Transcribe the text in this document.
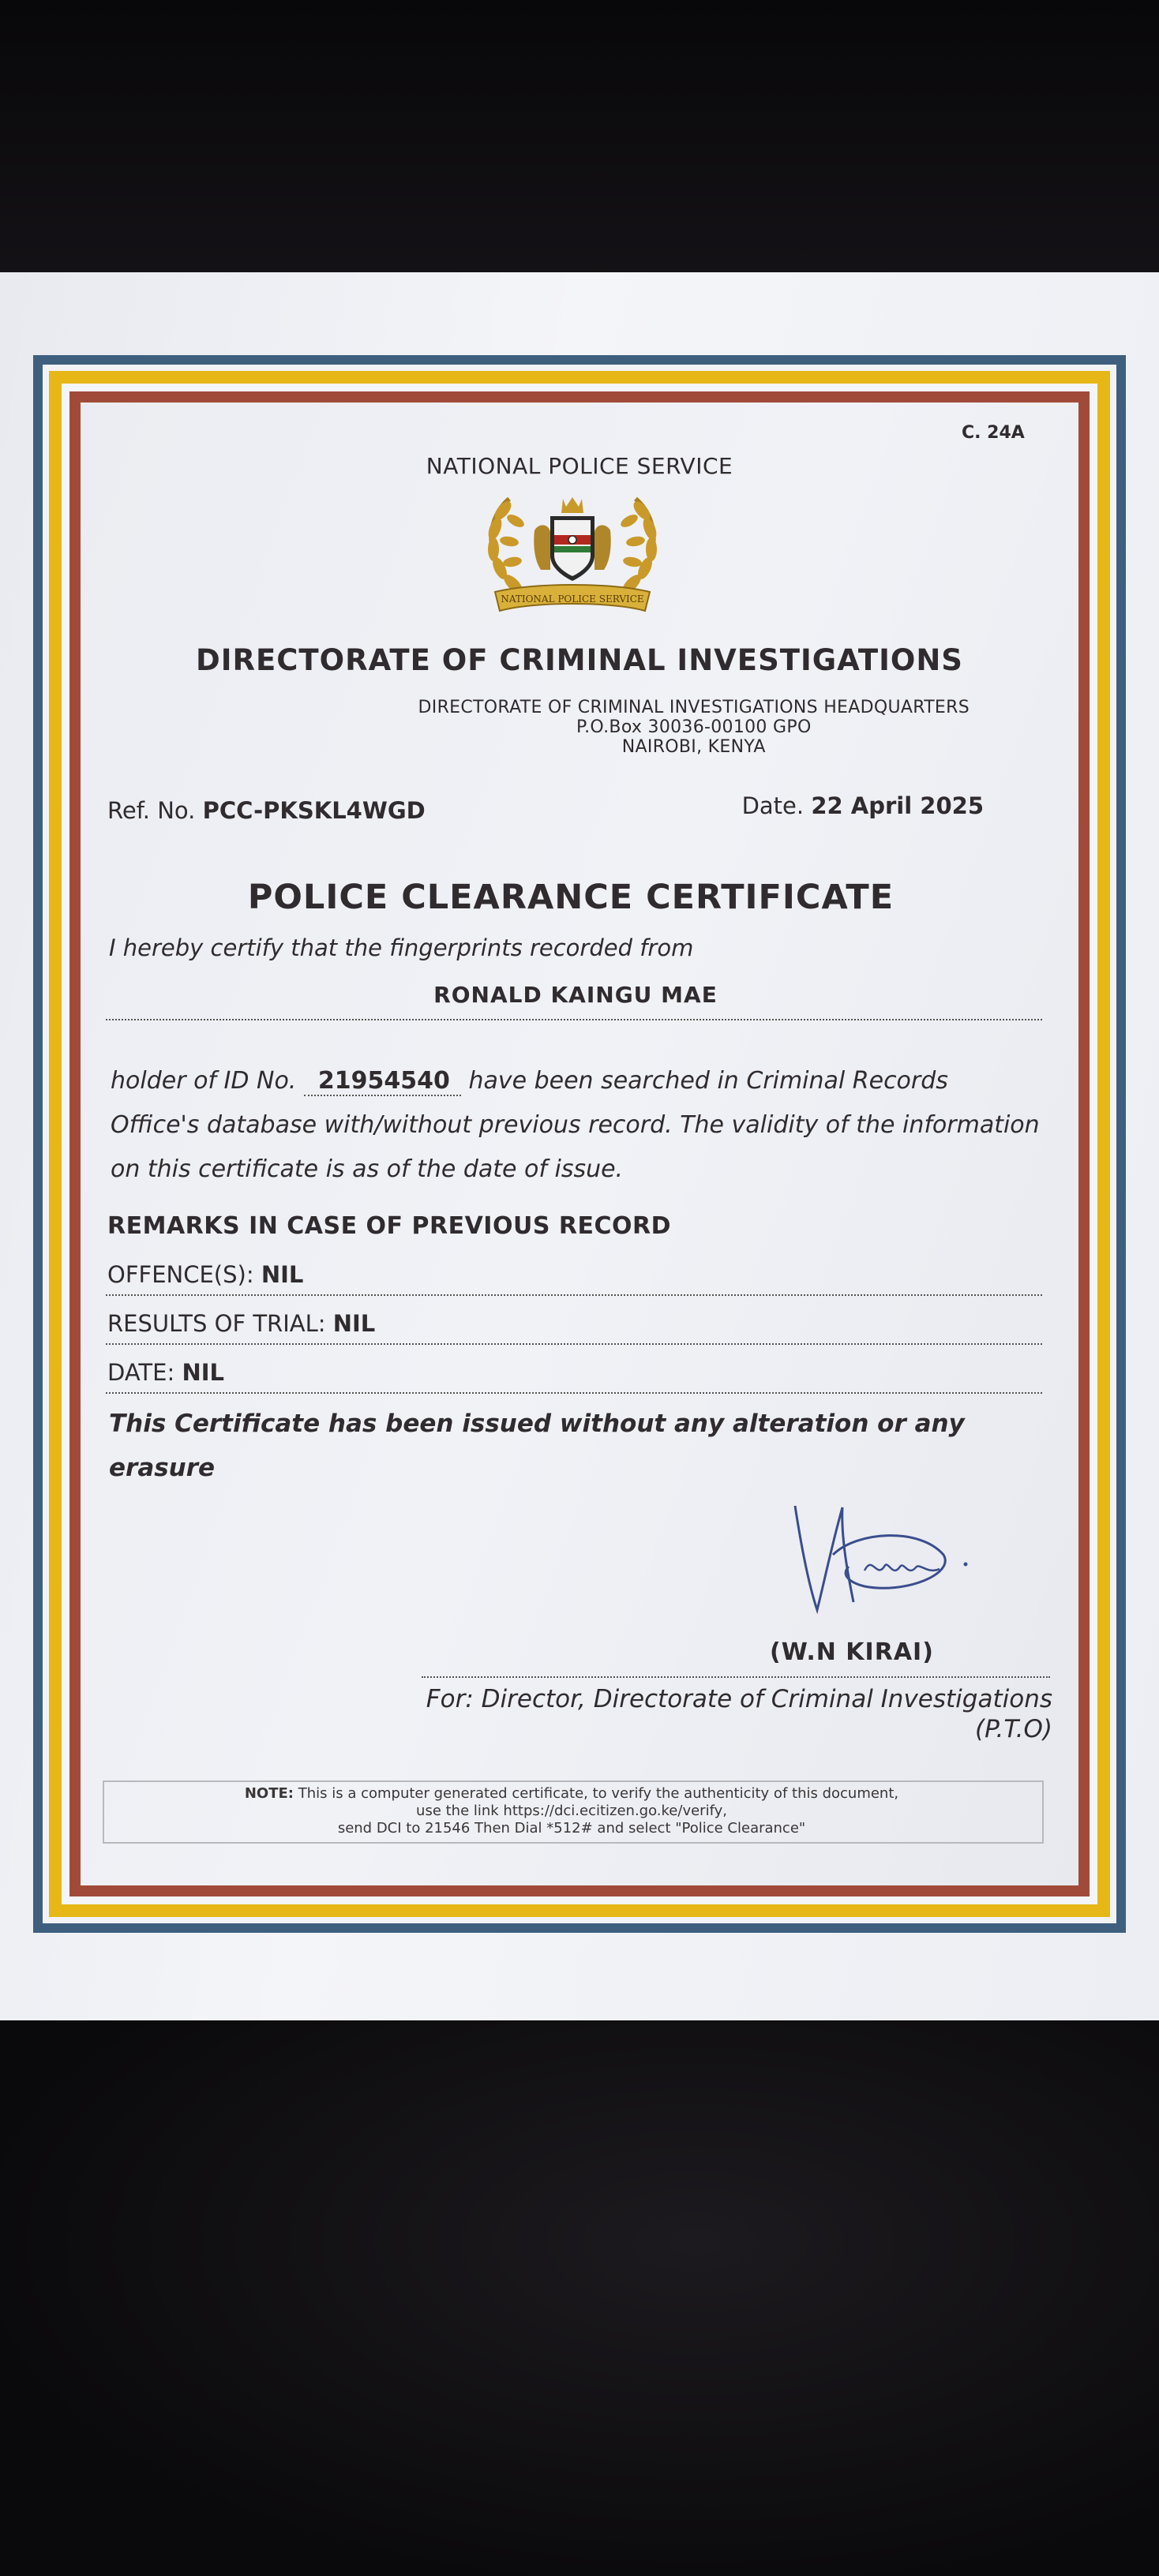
C. 24A
NATIONAL POLICE SERVICE
NATIONAL POLICE SERVICE
DIRECTORATE OF CRIMINAL INVESTIGATIONS
DIRECTORATE OF CRIMINAL INVESTIGATIONS HEADQUARTERS
P.O.Box 30036-00100 GPO
NAIROBI, KENYA
Ref. No. PCC-PKSKL4WGD	Date. 22 April 2025
POLICE CLEARANCE CERTIFICATE
I hereby certify that the fingerprints recorded from
RONALD KAINGU MAE
holder of ID No. 21954540 have been searched in Criminal Records Office's database with/without previous record. The validity of the information on this certificate is as of the date of issue.
REMARKS IN CASE OF PREVIOUS RECORD
OFFENCE(S): NIL
RESULTS OF TRIAL: NIL
DATE: NIL
This Certificate has been issued without any alteration or any erasure
(W.N KIRAI)
For: Director, Directorate of Criminal Investigations
(P.T.O)
NOTE: This is a computer generated certificate, to verify the authenticity of this document,
use the link https://dci.ecitizen.go.ke/verify,
send DCI to 21546 Then Dial *512# and select "Police Clearance"
